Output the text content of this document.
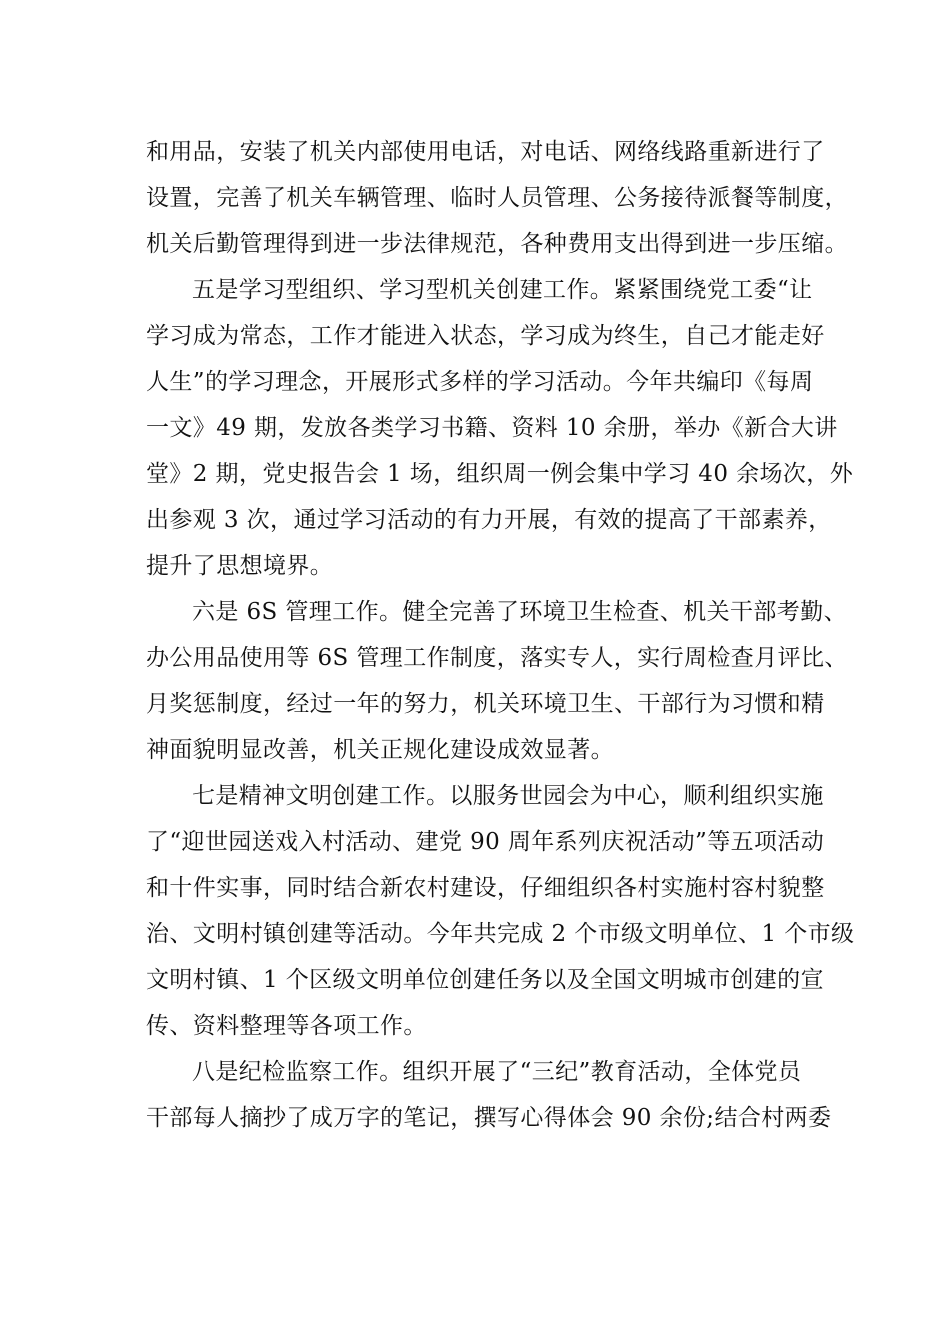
和用品，安装了机关内部使用电话，对电话、网络线路重新进行了
设置，完善了机关车辆管理、临时人员管理、公务接待派餐等制度，
机关后勤管理得到进一步法律规范，各种费用支出得到进一步压缩。
五是学习型组织、学习型机关创建工作。紧紧围绕党工委“让
学习成为常态，工作才能进入状态，学习成为终生，自己才能走好
人生”的学习理念，开展形式多样的学习活动。今年共编印《每周
一文》49 期，发放各类学习书籍、资料 10 余册，举办《新合大讲
堂》2 期，党史报告会 1 场，组织周一例会集中学习 40 余场次，外
出参观 3 次，通过学习活动的有力开展，有效的提高了干部素养，
提升了思想境界。
六是 6S 管理工作。健全完善了环境卫生检查、机关干部考勤、
办公用品使用等 6S 管理工作制度，落实专人，实行周检查月评比、
月奖惩制度，经过一年的努力，机关环境卫生、干部行为习惯和精
神面貌明显改善，机关正规化建设成效显著。
七是精神文明创建工作。以服务世园会为中心，顺利组织实施
了“迎世园送戏入村活动、建党 90 周年系列庆祝活动”等五项活动
和十件实事，同时结合新农村建设，仔细组织各村实施村容村貌整
治、文明村镇创建等活动。今年共完成 2 个市级文明单位、1 个市级
文明村镇、1 个区级文明单位创建任务以及全国文明城市创建的宣
传、资料整理等各项工作。
八是纪检监察工作。组织开展了“三纪”教育活动，全体党员
干部每人摘抄了成万字的笔记，撰写心得体会 90 余份;结合村两委
